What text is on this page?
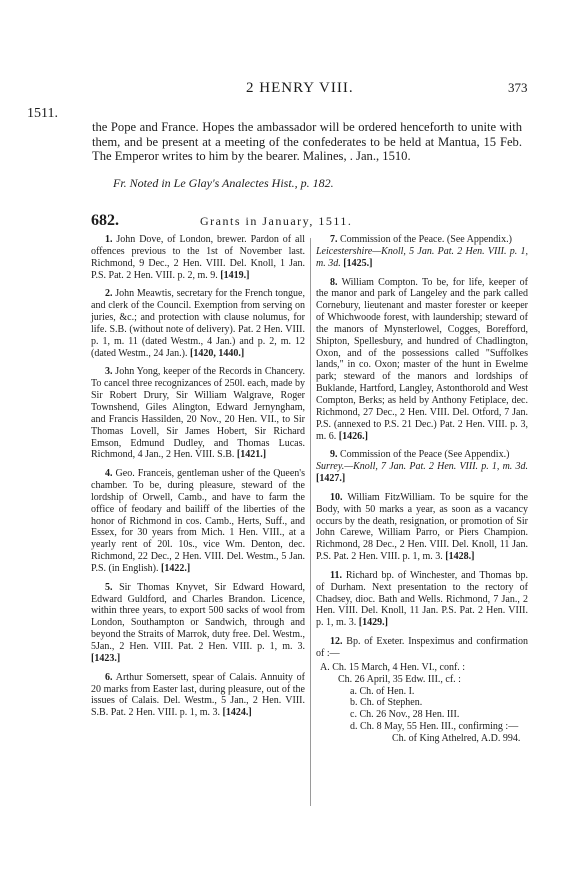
1511.
2 HENRY VIII.	373
the Pope and France. Hopes the ambassador will be ordered henceforth to unite with them, and be present at a meeting of the confederates to be held at Mantua, 15 Feb. The Emperor writes to him by the bearer. Malines, . Jan., 1510.
Fr. Noted in Le Glay's Analectes Hist., p. 182.
682.	Grants in January, 1511.

1. John Dove, of London, brewer. Pardon of all offences previous to the 1st of November last. Richmond, 9 Dec., 2 Hen. VIII. Del. Knoll, 1 Jan. P.S. Pat. 2 Hen. VIII. p. 2, m. 9. [1419.]

2. John Meawtis, secretary for the French tongue, and clerk of the Council. Exemption from serving on juries, &c.; and protection with clause nolumus, for life. S.B. (without note of delivery). Pat. 2 Hen. VIII. p. 1, m. 11 (dated Westm., 4 Jan.) and p. 2, m. 12 (dated Westm., 24 Jan.). [1420, 1440.]

3. John Yong, keeper of the Records in Chancery. To cancel three recognizances of 250l. each, made by Sir Robert Drury, Sir William Walgrave, Roger Townshend, Giles Alington, Edward Jernyngham, and Francis Hassilden, 20 Nov., 20 Hen. VII., to Sir Thomas Lovell, Sir James Hobert, Sir Richard Emson, Edmund Dudley, and Thomas Lucas. Richmond, 4 Jan., 2 Hen. VIII. S.B. [1421.]

4. Geo. Franceis, gentleman usher of the Queen's chamber. To be, during pleasure, steward of the lordship of Orwell, Camb., and have to farm the office of feodary and bailiff of the liberties of the honor of Richmond in cos. Camb., Herts, Suff., and Essex, for 30 years from Mich. 1 Hen. VIII., at a yearly rent of 20l. 10s., vice Wm. Denton, dec. Richmond, 22 Dec., 2 Hen. VIII. Del. Westm., 5 Jan. P.S. (in English). [1422.]

5. Sir Thomas Knyvet, Sir Edward Howard, Edward Guldford, and Charles Brandon. Licence, within three years, to export 500 sacks of wool from London, Southampton or Sandwich, through and beyond the Straits of Marrok, duty free. Del. Westm., 5Jan., 2 Hen. VIII. Pat. 2 Hen. VIII. p. 1, m. 3. [1423.]

6. Arthur Somersett, spear of Calais. Annuity of 20 marks from Easter last, during pleasure, out of the issues of Calais. Del. Westm., 5 Jan., 2 Hen. VIII. S.B. Pat. 2 Hen. VIII. p. 1, m. 3. [1424.]

7. Commission of the Peace. (See Appendix.)
Leicestershire—Knoll, 5 Jan. Pat. 2 Hen. VIII. p. 1, m. 3d. [1425.]

8. William Compton. To be, for life, keeper of the manor and park of Langeley and the park called Cornebury, lieutenant and master forester or keeper of Whichwoode forest, with laundership; steward of the manors of Mynsterlowel, Cogges, Borefford, Shipton, Spellesbury, and hundred of Chadlington, Oxon, and of the possessions called "Suffolkes lands," in co. Oxon; master of the hunt in Ewelme park; steward of the manors and lordships of Buklande, Hartford, Langley, Astonthorold and West Compton, Berks; as held by Anthony Fetiplace, dec. Richmond, 27 Dec., 2 Hen. VIII. Del. Otford, 7 Jan. P.S. (annexed to P.S. 21 Dec.) Pat. 2 Hen. VIII. p. 3, m. 6. [1426.]

9. Commission of the Peace (See Appendix.)
Surrey.—Knoll, 7 Jan. Pat. 2 Hen. VIII. p. 1, m. 3d. [1427.]

10. William FitzWilliam. To be squire for the Body, with 50 marks a year, as soon as a vacancy occurs by the death, resignation, or promotion of Sir John Carewe, William Parro, or Piers Champion. Richmond, 28 Dec., 2 Hen. VIII. Del. Knoll, 11 Jan. P.S. Pat. 2 Hen. VIII. p. 1, m. 3. [1428.]

11. Richard bp. of Winchester, and Thomas bp. of Durham. Next presentation to the rectory of Chadsey, dioc. Bath and Wells. Richmond, 7 Jan., 2 Hen. VIII. Del. Knoll, 11 Jan. P.S. Pat. 2 Hen. VIII. p. 1, m. 3. [1429.]

12. Bp. of Exeter. Inspeximus and confirmation of :—

A. Ch. 15 March, 4 Hen. VI., conf. :
Ch. 26 April, 35 Edw. III., cf. :
a. Ch. of Hen. I.
b. Ch. of Stephen.
c. Ch. 26 Nov., 28 Hen. III.
d. Ch. 8 May, 55 Hen. III., confirming :—
Ch. of King Athelred, A.D. 994.
